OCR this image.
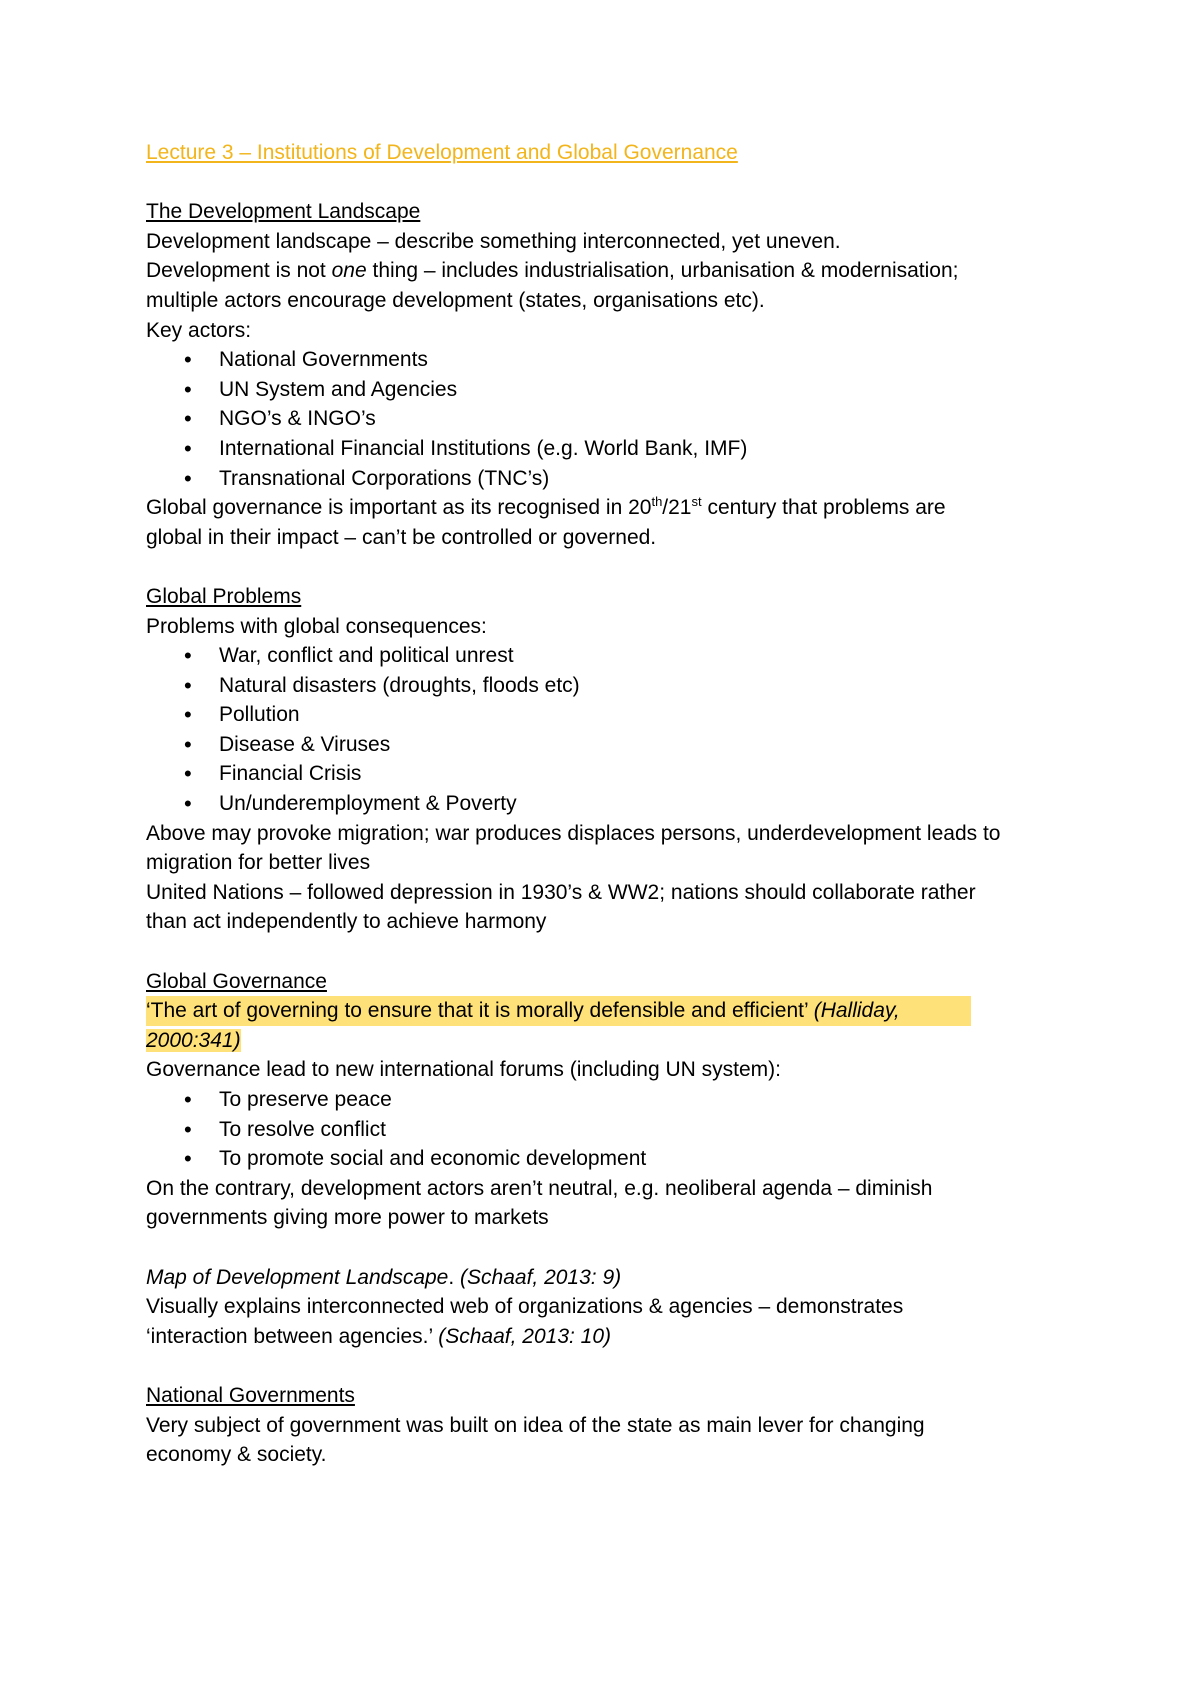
Lecture 3 – Institutions of Development and Global Governance

The Development Landscape

Development landscape – describe something interconnected, yet uneven.

Development is not one thing – includes industrialisation, urbanisation & modernisation;

multiple actors encourage development (states, organisations etc).

Key actors:

• National Governments
• UN System and Agencies
• NGO’s & INGO’s
• International Financial Institutions (e.g. World Bank, IMF)
• Transnational Corporations (TNC’s)

Global governance is important as its recognised in 20th/21st century that problems are

global in their impact – can’t be controlled or governed.

Global Problems

Problems with global consequences:

• War, conflict and political unrest
• Natural disasters (droughts, floods etc)
• Pollution
• Disease & Viruses
• Financial Crisis
• Un/underemployment & Poverty

Above may provoke migration; war produces displaces persons, underdevelopment leads to

migration for better lives

United Nations – followed depression in 1930’s & WW2; nations should collaborate rather

than act independently to achieve harmony

Global Governance

‘The art of governing to ensure that it is morally defensible and efficient’ (Halliday,

2000:341)

Governance lead to new international forums (including UN system):

• To preserve peace
• To resolve conflict
• To promote social and economic development

On the contrary, development actors aren’t neutral, e.g. neoliberal agenda – diminish

governments giving more power to markets

Map of Development Landscape. (Schaaf, 2013: 9)

Visually explains interconnected web of organizations & agencies – demonstrates

‘interaction between agencies.’ (Schaaf, 2013: 10)

National Governments

Very subject of government was built on idea of the state as main lever for changing

economy & society.
